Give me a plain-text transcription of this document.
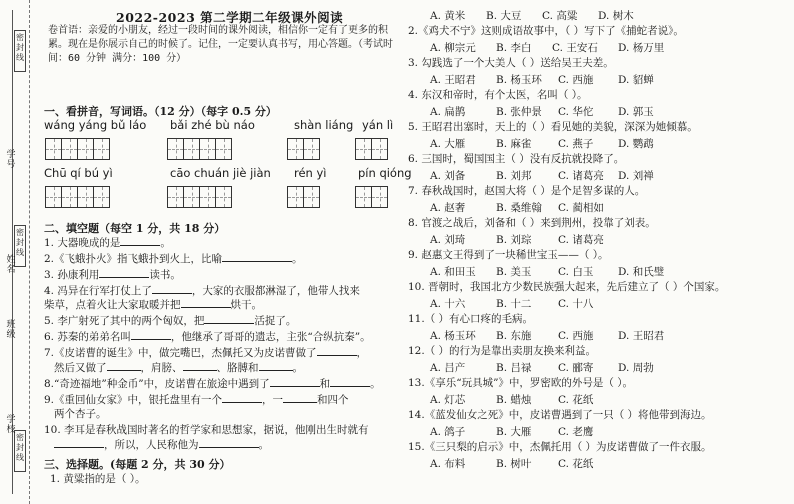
密封线
密封线
密封线
学号
姓名
班级
学校
2022-2023 第二学期二年级课外阅读
卷首语：亲爱的小朋友，经过一段时间的课外阅读，相信你一定有了更多的积累。现在是你展示自己的时候了。记住，一定要认真书写，用心答题。（考试时间：60 分钟 满分：100 分）
一、看拼音，写词语。（12 分）（每字 0.5 分）
wáng yáng bǔ láo bǎi zhé bù náo	shàn liáng yán lì
Chū qí bú yì	cāo chuán jiè jiàn rén yì	pín qióng
二、填空题（每空 1 分，共 18 分）
1. 大器晚成的是	。
2.《飞蛾扑火》指飞蛾扑到火上，比喻	。
3. 孙康利用	读书。
4. 冯异在行军打仗上了	，大家的衣服都淋湿了，他带人找来
柴草，点着火让大家取暖并把	烘干。
5. 李广射死了其中的两个匈奴，把	活捉了。
6. 苏秦的弟弟名叫	，他继承了哥哥的遗志，主张“合纵抗秦”。
7.《皮诺曹的诞生》中，做完嘴巴，杰佩托又为皮诺曹做了	，
然后又做了	，肩膀、	、胳膊和	。
8.“奇迹福地”种金币”中，皮诺曹在旅途中遇到了	和	。
9.《重回仙女家》中，银托盘里有一个	，一	和四个
两个杏子。
10. 李耳是春秋战国时著名的哲学家和思想家，据说，他刚出生时就有
，所以，人民称他为	。
三、选择题。(每题 2 分，共 30 分）
1. 黄粱指的是（ ）。
A. 黄米 B. 大豆 C. 高粱 D. 树木
2.《鸡犬不宁》这则成语故事中，（ ）写下了《捕蛇者说》。
A. 柳宗元 B. 李白 C. 王安石 D. 杨万里
3. 勾践选了一个大美人（ ）送给吴王夫差。
A. 王昭君 B. 杨玉环 C. 西施 D. 貂蝉
4. 东汉和帝时，有个太医，名叫（ ）。
A. 扁鹊	B. 张仲景 C. 华佗 D. 郭玉
5. 王昭君出塞时，天上的（ ）看见她的美貌，深深为她倾慕。
A. 大雁	B. 麻雀	C. 燕子 D. 鹦鹉
6. 三国时，蜀国国主（ ）没有反抗就投降了。
A. 刘备	B. 刘邦	C. 诸葛亮 D. 刘禅
7. 春秋战国时，赵国大将（ ）是个足智多谋的人。
A. 赵奢	B. 桑维翰 C. 蔺相如
8. 官渡之战后，刘备和（ ）来到荆州，投靠了刘表。
A. 刘琦	B. 刘琮	C. 诸葛亮
9. 赵惠文王得到了一块稀世宝玉——（ ）。
A. 和田玉 B. 美玉	C. 白玉 D. 和氏璧
10. 晋朝时，我国北方少数民族强大起来，先后建立了（ ）个国家。
A. 十六	B. 十二	C. 十八
11.（ ）有心口疼的毛病。
A. 杨玉环 B. 东施	C. 西施 D. 王昭君
12.（ ）的行为是靠出卖朋友换来利益。
A. 吕产	B. 吕禄	C. 郦寄 D. 周勃
13.《享乐“玩具城”》中，罗密欧的外号是（ ）。
A. 灯芯	B. 蜡烛	C. 花纸
14.《蓝发仙女之死》中，皮诺曹遇到了一只（ ）将他带到海边。
A. 鸽子	B. 大雁	C. 老鹰
15.《三只梨的启示》中，杰佩托用（ ）为皮诺曹做了一件衣服。
A. 布料	B. 树叶	C. 花纸
